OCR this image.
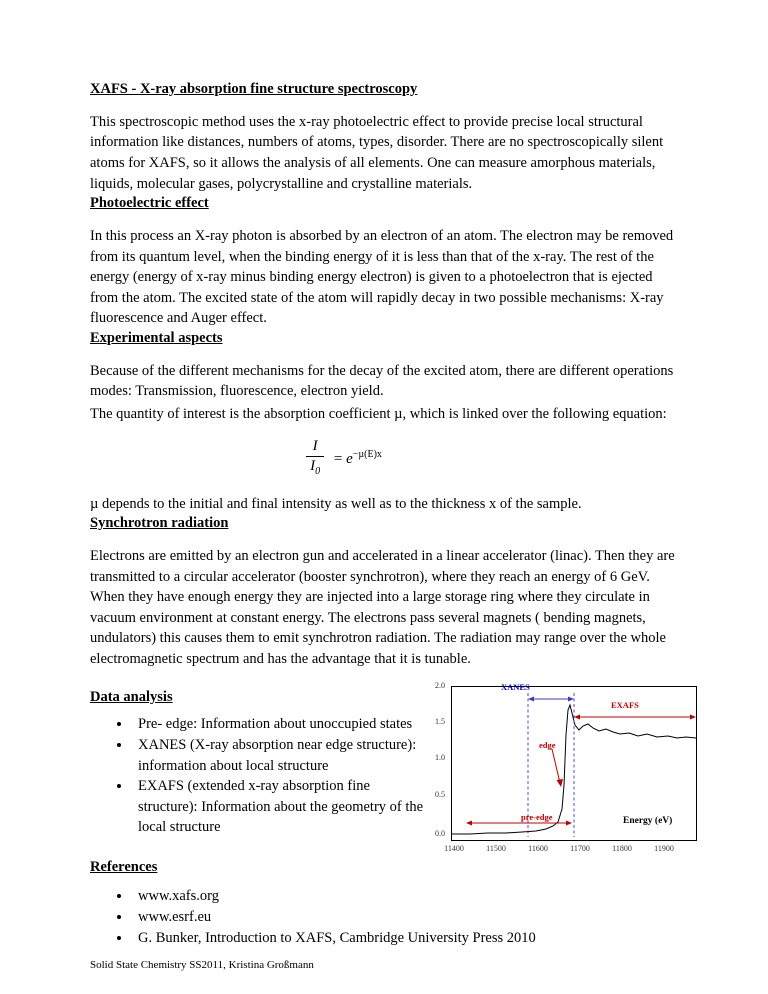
XAFS - X-ray absorption fine structure spectroscopy

This spectroscopic method uses the x-ray photoelectric effect to provide precise local structural information like distances, numbers of atoms, types, disorder. There are no spectroscopically silent atoms for XAFS, so it allows the analysis of all elements. One can measure amorphous materials, liquids, molecular gases, polycrystalline and crystalline materials.

Photoelectric effect

In this process an X-ray photon is absorbed by an electron of an atom. The electron may be removed from its quantum level, when the binding energy of it is less than that of the x-ray. The rest of the energy (energy of x-ray minus binding energy electron) is given to a photoelectron that is ejected from the atom. The excited state of the atom will rapidly decay in two possible mechanisms: X-ray fluorescence and Auger effect.

Experimental aspects

Because of the different mechanisms for the decay of the excited atom, there are different operations modes: Transmission, fluorescence, electron yield.

The quantity of interest is the absorption coefficient µ, which is linked over the following equation:

$\frac{I}{I_0} = e^{-\mu(E)x}$

µ depends to the initial and final intensity as well as to the thickness x of the sample.

Synchrotron radiation

Electrons are emitted by an electron gun and accelerated in a linear accelerator (linac). Then they are transmitted to a circular accelerator (booster synchrotron), where they reach an energy of 6 GeV. When they have enough energy they are injected into a large storage ring where they circulate in vacuum environment at constant energy. The electrons pass several magnets ( bending magnets, undulators) this causes them to emit synchrotron radiation. The radiation may range over the whole electromagnetic spectrum and has the advantage that it is tunable.

Data analysis
• Pre- edge: Information about unoccupied states
• XANES (X-ray absorption near edge structure): information about local structure
• EXAFS (extended x-ray absorption fine structure): Information about the geometry of the local structure
2.0
1.5
1.0
0.5
0.0
XANES
EXAFS
edge
pre-edge	Energy (eV)
11400	11500	11600	11700	11800	11900
References
• www.xafs.org
• www.esrf.eu
• G. Bunker, Introduction to XAFS, Cambridge University Press 2010
Solid State Chemistry SS2011, Kristina Großmann
